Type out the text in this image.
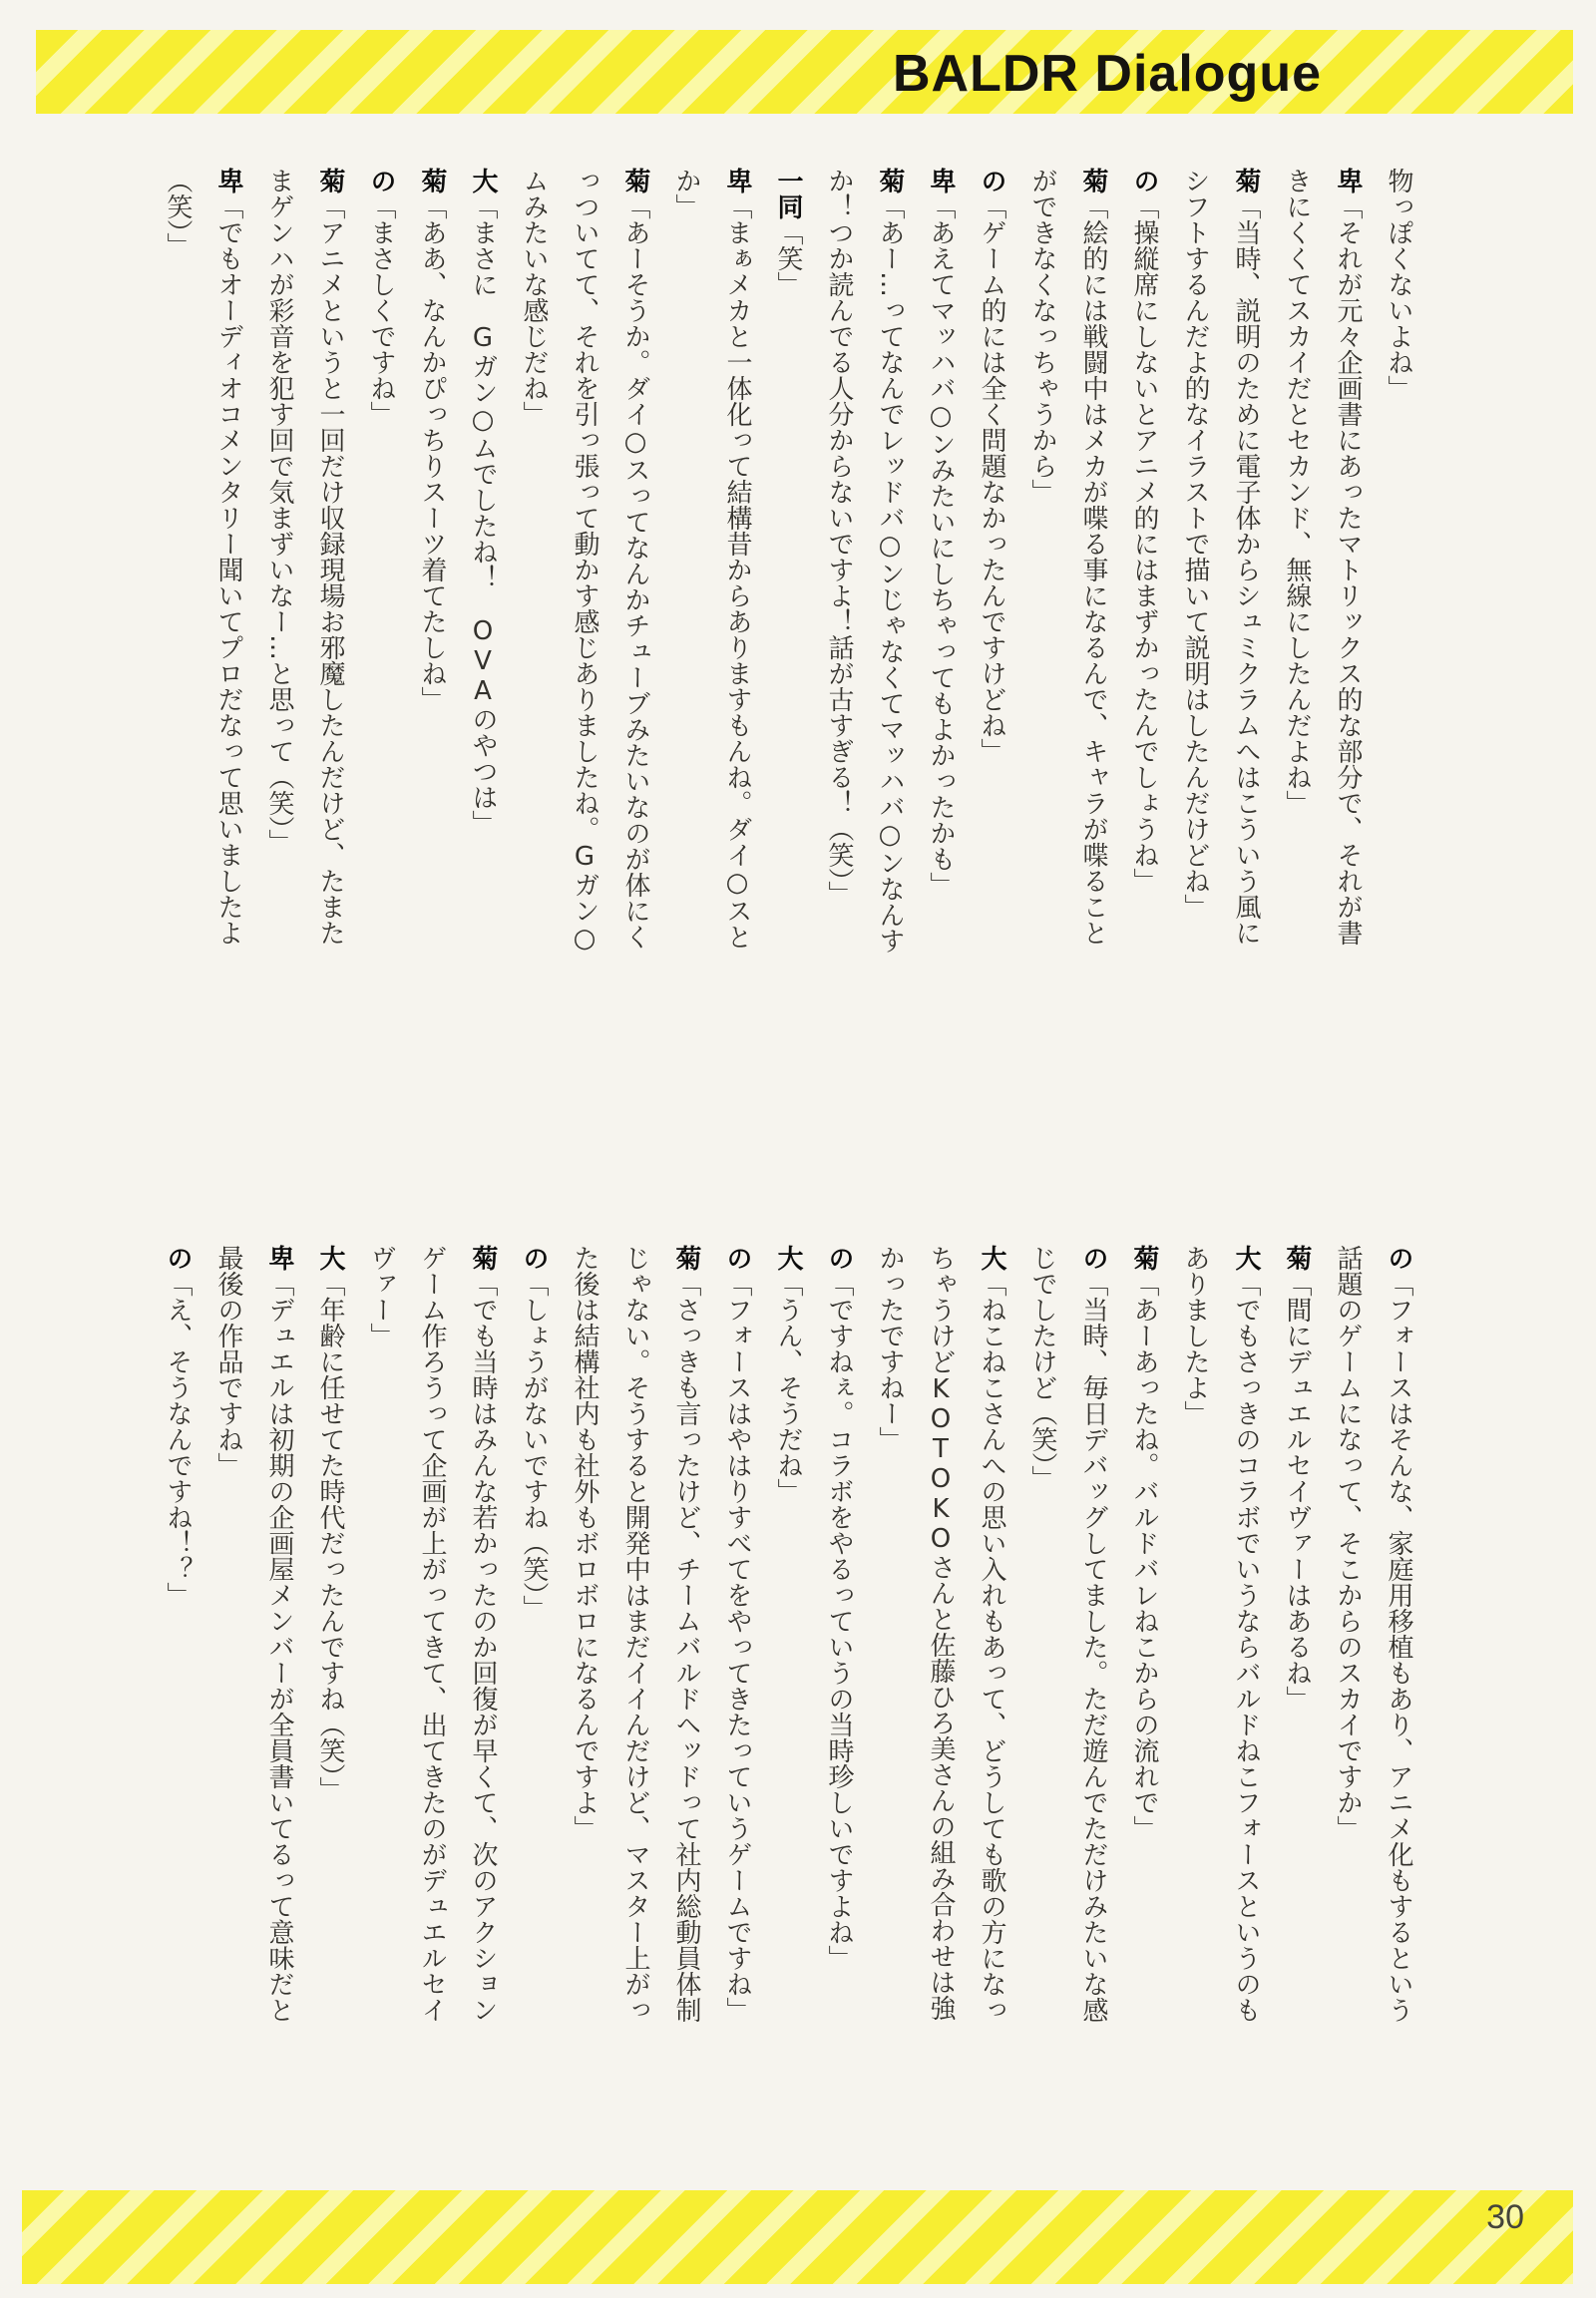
BALDR Dialogue

物っぽくないよね」

卑「それが元々企画書にあったマトリックス的な部分で、それが書きにくくてスカイだとセカンド、無線にしたんだよね」

菊「当時、説明のために電子体からシュミクラムへはこういう風にシフトするんだよ的なイラストで描いて説明はしたんだけどね」

の「操縦席にしないとアニメ的にはまずかったんでしょうね」

菊「絵的には戦闘中はメカが喋る事になるんで、キャラが喋ることができなくなっちゃうから」

の「ゲーム的には全く問題なかったんですけどね」

卑「あえてマッハバ○ンみたいにしちゃってもよかったかも」

菊「あー…ってなんでレッドバ○ンじゃなくてマッハバ○ンなんすか！つか読んでる人分からないですよ！話が古すぎる！（笑）」

一同「笑」

卑「まぁメカと一体化って結構昔からありますもんね。ダイ○スとか」

菊「あーそうか。ダイ○スってなんかチューブみたいなのが体にくっついてて、それを引っ張って動かす感じありましたね。Gガン○ムみたいな感じだね」

大「まさに　Gガン○ムでしたね！　OVAのやつは」

菊「ああ、なんかぴっちりスーツ着てたしね」

の「まさしくですね」

菊「アニメというと一回だけ収録現場お邪魔したんだけど、たまたまゲンハが彩音を犯す回で気まずいなー…と思って（笑）」

卑「でもオーディオコメンタリー聞いてプロだなって思いましたよ（笑）」

の「フォースはそんな、家庭用移植もあり、アニメ化もするという話題のゲームになって、そこからのスカイですか」

菊「間にデュエルセイヴァーはあるね」

大「でもさっきのコラボでいうならバルドねこフォースというのもありましたよ」

菊「あーあったね。バルドバレねこからの流れで」

の「当時、毎日デバッグしてました。ただ遊んでただけみたいな感じでしたけど（笑）」

大「ねこねこさんへの思い入れもあって、どうしても歌の方になっちゃうけどKOTOKOさんと佐藤ひろ美さんの組み合わせは強かったですねー」

の「ですねぇ。コラボをやるっていうの当時珍しいですよね」

大「うん、そうだね」

の「フォースはやはりすべてをやってきたっていうゲームですね」

菊「さっきも言ったけど、チームバルドヘッドって社内総動員体制じゃない。そうすると開発中はまだイイんだけど、マスター上がった後は結構社内も社外もボロボロになるんですよ」

の「しょうがないですね（笑）」

菊「でも当時はみんな若かったのか回復が早くて、次のアクションゲーム作ろうって企画が上がってきて、出てきたのがデュエルセイヴァー」

大「年齢に任せてた時代だったんですね（笑）」

卑「デュエルは初期の企画屋メンバーが全員書いてるって意味だと最後の作品ですね」

の「え、そうなんですね！？」

30
